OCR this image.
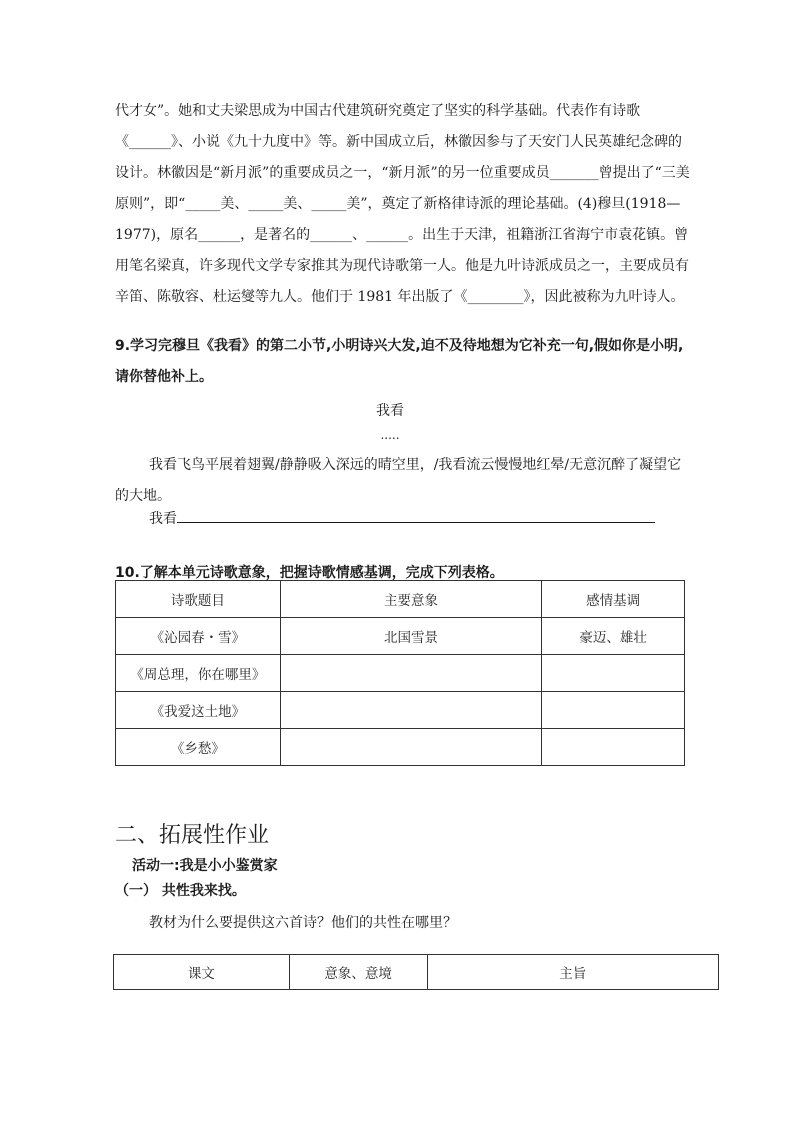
代才女”。她和丈夫梁思成为中国古代建筑研究奠定了坚实的科学基础。代表作有诗歌《______》、小说《九十九度中》等。新中国成立后，林徽因参与了天安门人民英雄纪念碑的设计。林徽因是“新月派”的重要成员之一，“新月派”的另一位重要成员_______曾提出了“三美原则”，即“_____美、_____美、_____美”，奠定了新格律诗派的理论基础。(4)穆旦(1918—1977)，原名______，是著名的______、______。出生于天津，祖籍浙江省海宁市袁花镇。曾用笔名梁真，许多现代文学专家推其为现代诗歌第一人。他是九叶诗派成员之一，主要成员有辛笛、陈敬容、杜运燮等九人。他们于 1981 年出版了《________》，因此被称为九叶诗人。

9.学习完穆旦《我看》的第二小节,小明诗兴大发,迫不及待地想为它补充一句,假如你是小明,请你替他补上。

我看
.....

我看飞鸟平展着翅翼/静静吸入深远的晴空里，/我看流云慢慢地红晕/无意沉醉了凝望它的大地。

我看
10.了解本单元诗歌意象，把握诗歌情感基调，完成下列表格。
诗歌题目	主要意象	感情基调
《沁园春・雪》	北国雪景	豪迈、雄壮
《周总理，你在哪里》		
《我爱这土地》		
《乡愁》		
二、拓展性作业
活动一:我是小小鉴赏家
（一） 共性我来找。
教材为什么要提供这六首诗？他们的共性在哪里？
课文	意象、意境	主旨
